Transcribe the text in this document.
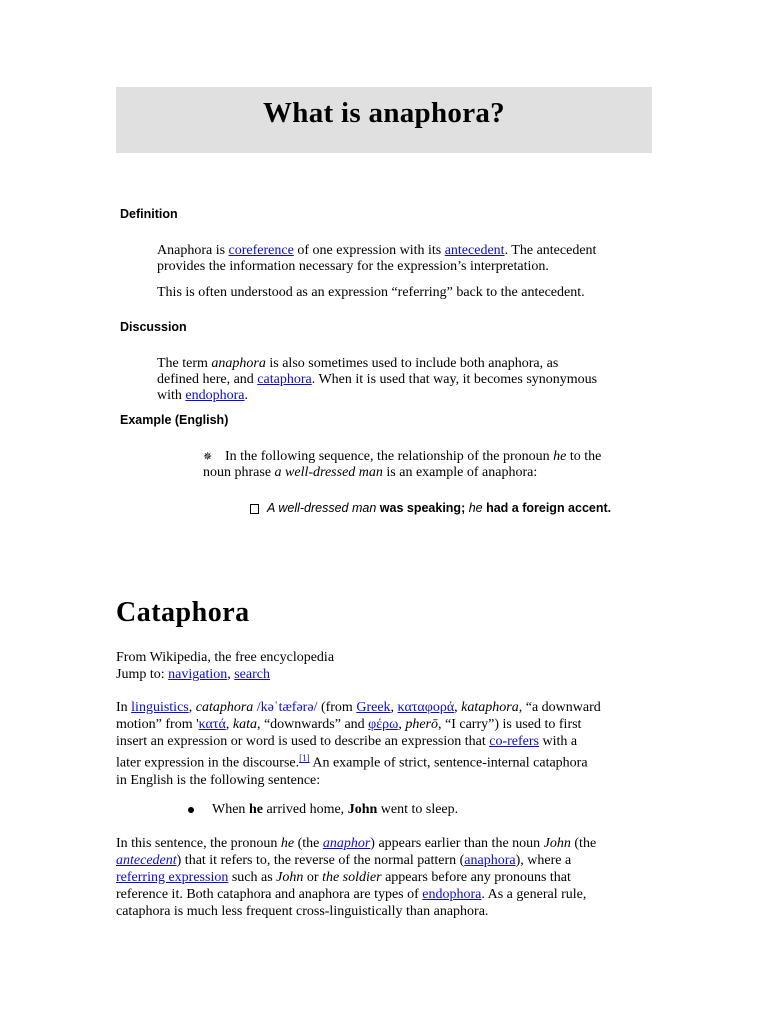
What is anaphora?
Definition
Anaphora is coreference of one expression with its antecedent. The antecedent
provides the information necessary for the expression’s interpretation.
This is often understood as an expression “referring” back to the antecedent.
Discussion
The term anaphora is also sometimes used to include both anaphora, as
defined here, and cataphora. When it is used that way, it becomes synonymous
with endophora.
Example (English)
✵ In the following sequence, the relationship of the pronoun he to the
noun phrase a well-dressed man is an example of anaphora:
A well-dressed man was speaking; he had a foreign accent.
Cataphora
From Wikipedia, the free encyclopedia
Jump to: navigation, search
In linguistics, cataphora /kəˈtæfərə/ (from Greek, καταφορά, kataphora, “a downward
motion” from 'κατά, kata, “downwards” and φέρω, pherō, “I carry”) is used to first
insert an expression or word is used to describe an expression that co-refers with a
later expression in the discourse.[1] An example of strict, sentence-internal cataphora
in English is the following sentence:
When he arrived home, John went to sleep.
In this sentence, the pronoun he (the anaphor) appears earlier than the noun John (the
antecedent) that it refers to, the reverse of the normal pattern (anaphora), where a
referring expression such as John or the soldier appears before any pronouns that
reference it. Both cataphora and anaphora are types of endophora. As a general rule,
cataphora is much less frequent cross-linguistically than anaphora.
